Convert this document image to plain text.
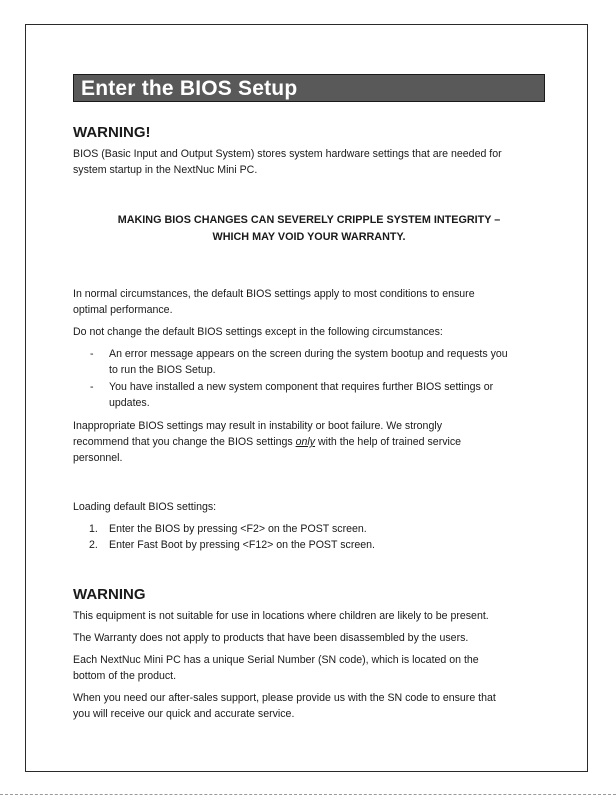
Enter the BIOS Setup
WARNING!

BIOS (Basic Input and Output System) stores system hardware settings that are needed for
system startup in the NextNuc Mini PC.

MAKING BIOS CHANGES CAN SEVERELY CRIPPLE SYSTEM INTEGRITY –
WHICH MAY VOID YOUR WARRANTY.

In normal circumstances, the default BIOS settings apply to most conditions to ensure
optimal performance.

Do not change the default BIOS settings except in the following circumstances:

- An error message appears on the screen during the system bootup and requests you
to run the BIOS Setup.
- You have installed a new system component that requires further BIOS settings or
updates.

Inappropriate BIOS settings may result in instability or boot failure. We strongly
recommend that you change the BIOS settings only with the help of trained service
personnel.

Loading default BIOS settings:

1. Enter the BIOS by pressing <F2> on the POST screen.
2. Enter Fast Boot by pressing <F12> on the POST screen.
WARNING

This equipment is not suitable for use in locations where children are likely to be present.

The Warranty does not apply to products that have been disassembled by the users.

Each NextNuc Mini PC has a unique Serial Number (SN code), which is located on the
bottom of the product.

When you need our after-sales support, please provide us with the SN code to ensure that
you will receive our quick and accurate service.
